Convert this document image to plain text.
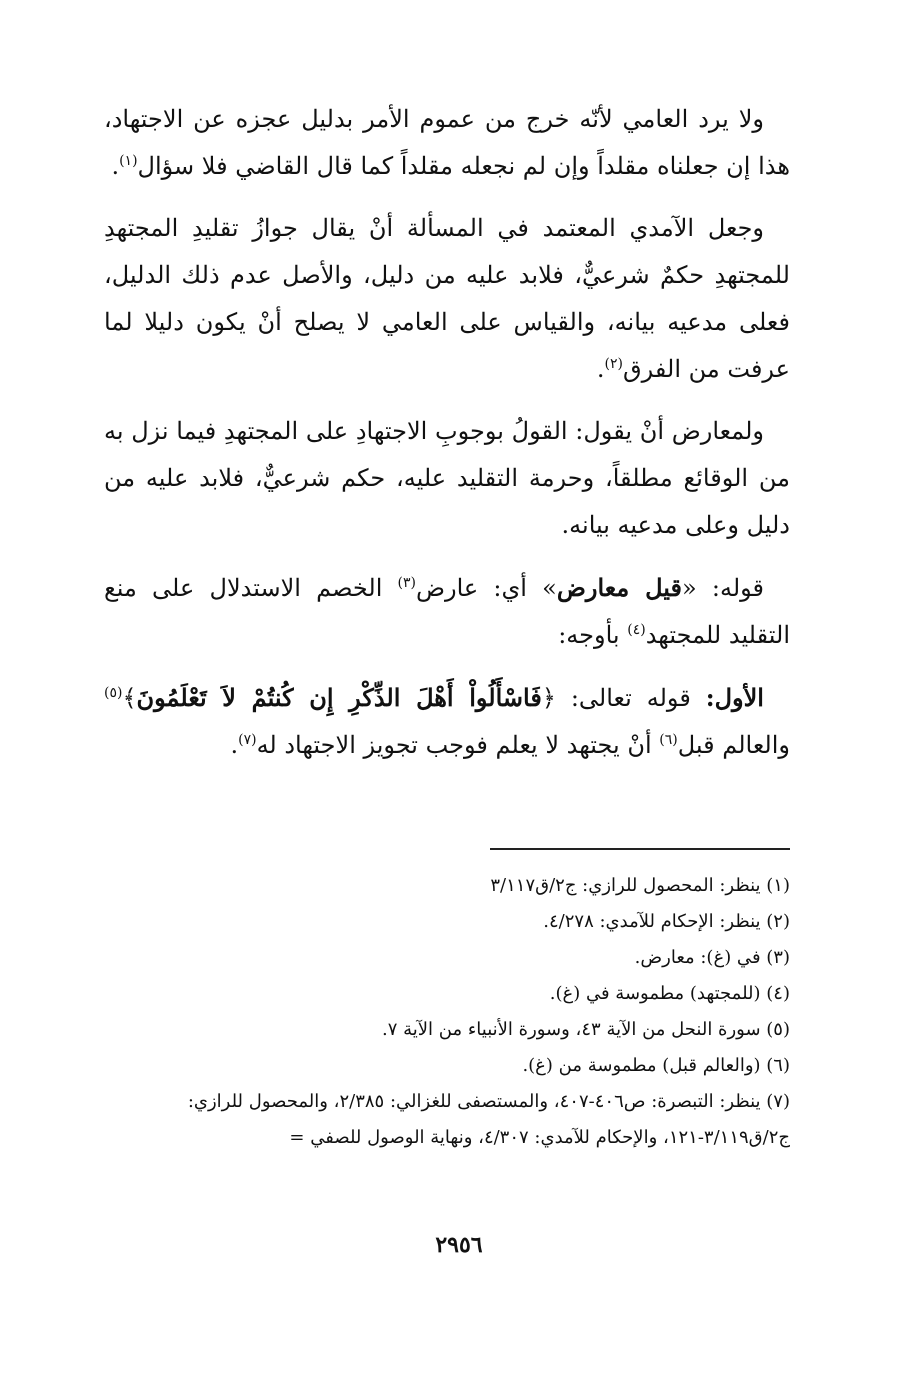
ولا يرد العامي لأنّه خرج من عموم الأمر بدليل عجزه عن الاجتهاد، هذا إن جعلناه مقلداً وإن لم نجعله مقلداً كما قال القاضي فلا سؤال$^{(١)}$.

وجعل الآمدي المعتمد في المسألة أنْ يقال جوازُ تقليدِ المجتهدِ للمجتهدِ حكمٌ شرعيٌّ، فلابد عليه من دليل، والأصل عدم ذلك الدليل، فعلى مدعيه بيانه، والقياس على العامي لا يصلح أنْ يكون دليلا لما عرفت من الفرق$^{(٢)}$.

ولمعارض أنْ يقول: القولُ بوجوبِ الاجتهادِ على المجتهدِ فيما نزل به من الوقائع مطلقاً، وحرمة التقليد عليه، حكم شرعيٌّ، فلابد عليه من دليل وعلى مدعيه بيانه.

قوله: «قيل معارض» أي: عارض$^{(٣)}$ الخصم الاستدلال على منع التقليد للمجتهد$^{(٤)}$ بأوجه:

الأول: قوله تعالى: ﴿فَاسْأَلُواْ أَهْلَ الذِّكْرِ إِن كُنتُمْ لاَ تَعْلَمُونَ﴾$^{(٥)}$ والعالم قبل$^{(٦)}$ أنْ يجتهد لا يعلم فوجب تجويز الاجتهاد له$^{(٧)}$.

(١) ينظر: المحصول للرازي: ج٢/ق٣/١١٧

(٢) ينظر: الإحكام للآمدي: ٤/٢٧٨.

(٣) في (غ): معارض.

(٤) (للمجتهد) مطموسة في (غ).

(٥) سورة النحل من الآية ٤٣، وسورة الأنبياء من الآية ٧.

(٦) (والعالم قبل) مطموسة من (غ).

(٧) ينظر: التبصرة: ص٤٠٦-٤٠٧، والمستصفى للغزالي: ٢/٣٨٥، والمحصول للرازي:

ج٢/ق٣/١١٩-١٢١، والإحكام للآمدي: ٤/٣٠٧، ونهاية الوصول للصفي =

٢٩٥٦
